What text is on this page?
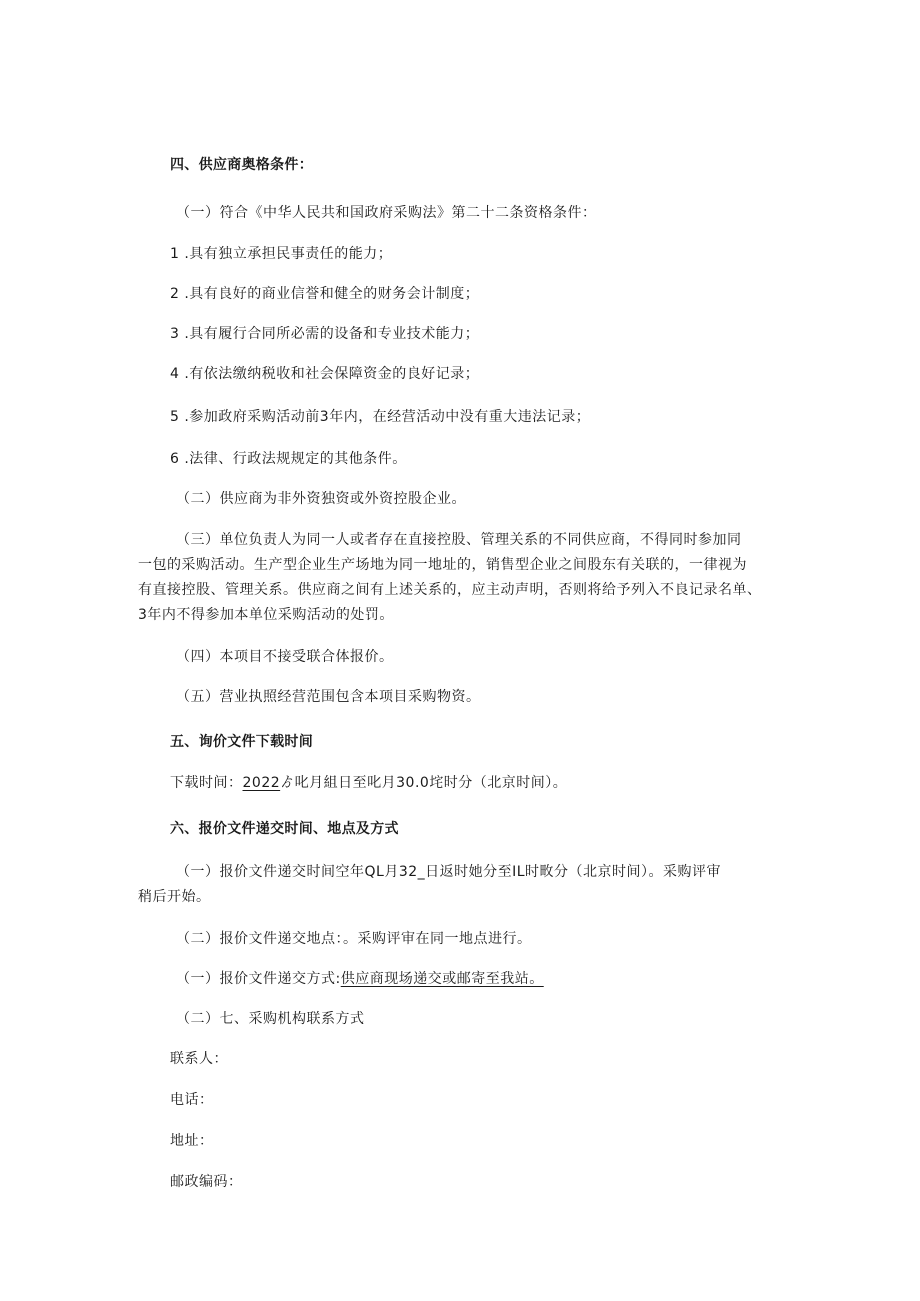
四、供应商奥格条件：
（一）符合《中华人民共和国政府采购法》第二十二条资格条件：
1 .具有独立承担民事责任的能力；
2 .具有良好的商业信誉和健全的财务会计制度；
3 .具有履行合同所必需的设备和专业技术能力；
4 .有依法缴纳税收和社会保障资金的良好记录；
5 .参加政府采购活动前3年内，在经营活动中没有重大违法记录；
6 .法律、行政法规规定的其他条件。
（二）供应商为非外资独资或外资控股企业。
（三）单位负责人为同一人或者存在直接控股、管理关系的不同供应商，不得同时参加同
一包的采购活动。生产型企业生产场地为同一地址的，销售型企业之间股东有关联的，一律视为
有直接控股、管理关系。供应商之间有上述关系的，应主动声明，否则将给予列入不良记录名单、
3年内不得参加本单位采购活动的处罚。
（四）本项目不接受联合体报价。
（五）营业执照经营范围包含本项目采购物资。
五、询价文件下载时间
下载时间：2022ゟ叱月組日至叱月30.0垞时分（北京时间）。
六、报价文件递交时间、地点及方式
（一）报价文件递交时间空年QL月32_日返时她分至IL时畋分（北京时间）。采购评审
稍后开始。
（二）报价文件递交地点：。采购评审在同一地点进行。
（一）报价文件递交方式:供应商现场递交或邮寄至我站。
（二）七、采购机构联系方式
联系人：
电话：
地址：
邮政编码：
